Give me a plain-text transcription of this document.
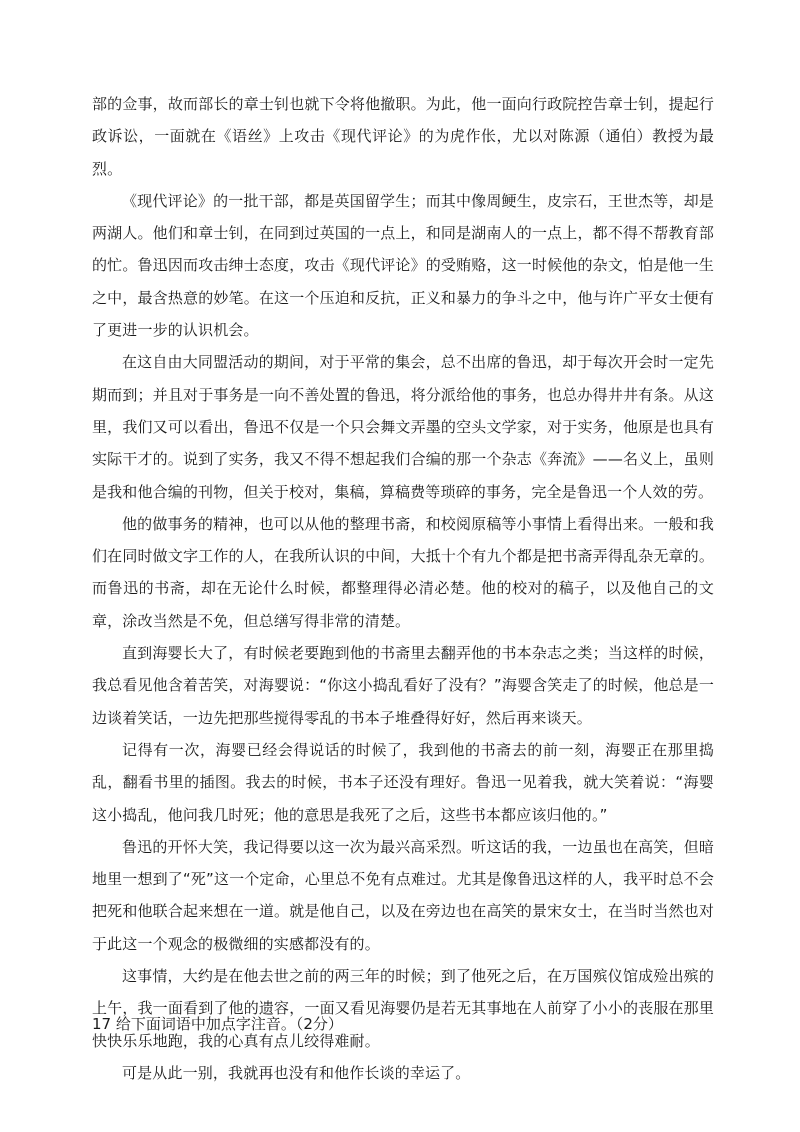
部的佥事，故而部长的章士钊也就下令将他撤职。为此，他一面向行政院控告章士钊，提起行政诉讼，一面就在《语丝》上攻击《现代评论》的为虎作伥，尤以对陈源（通伯）教授为最烈。

《现代评论》的一批干部，都是英国留学生；而其中像周鲠生，皮宗石，王世杰等，却是两湖人。他们和章士钊，在同到过英国的一点上，和同是湖南人的一点上，都不得不帮教育部的忙。鲁迅因而攻击绅士态度，攻击《现代评论》的受贿赂，这一时候他的杂文，怕是他一生之中，最含热意的妙笔。在这一个压迫和反抗，正义和暴力的争斗之中，他与许广平女士便有了更进一步的认识机会。

在这自由大同盟活动的期间，对于平常的集会，总不出席的鲁迅，却于每次开会时一定先期而到；并且对于事务是一向不善处置的鲁迅，将分派给他的事务，也总办得井井有条。从这里，我们又可以看出，鲁迅不仅是一个只会舞文弄墨的空头文学家，对于实务，他原是也具有实际干才的。说到了实务，我又不得不想起我们合编的那一个杂志《奔流》——名义上，虽则是我和他合编的刊物，但关于校对，集稿，算稿费等琐碎的事务，完全是鲁迅一个人效的劳。

他的做事务的精神，也可以从他的整理书斋，和校阅原稿等小事情上看得出来。一般和我们在同时做文字工作的人，在我所认识的中间，大抵十个有九个都是把书斋弄得乱杂无章的。而鲁迅的书斋，却在无论什么时候，都整理得必清必楚。他的校对的稿子，以及他自己的文章，涂改当然是不免，但总缮写得非常的清楚。

直到海婴长大了，有时候老要跑到他的书斋里去翻弄他的书本杂志之类；当这样的时候，我总看见他含着苦笑，对海婴说：“你这小捣乱看好了没有？”海婴含笑走了的时候，他总是一边谈着笑话，一边先把那些搅得零乱的书本子堆叠得好好，然后再来谈天。

记得有一次，海婴已经会得说话的时候了，我到他的书斋去的前一刻，海婴正在那里捣乱，翻看书里的插图。我去的时候，书本子还没有理好。鲁迅一见着我，就大笑着说：“海婴这小捣乱，他问我几时死；他的意思是我死了之后，这些书本都应该归他的。”

鲁迅的开怀大笑，我记得要以这一次为最兴高采烈。听这话的我，一边虽也在高笑，但暗地里一想到了“死”这一个定命，心里总不免有点难过。尤其是像鲁迅这样的人，我平时总不会把死和他联合起来想在一道。就是他自己，以及在旁边也在高笑的景宋女士，在当时当然也对于此这一个观念的极微细的实感都没有的。

这事情，大约是在他去世之前的两三年的时候；到了他死之后，在万国殡仪馆成殓出殡的上午，我一面看到了他的遗容，一面又看见海婴仍是若无其事地在人前穿了小小的丧服在那里快快乐乐地跑，我的心真有点儿绞得难耐。

可是从此一别，我就再也没有和他作长谈的幸运了。

17 给下面词语中加点字注音。（2分）
